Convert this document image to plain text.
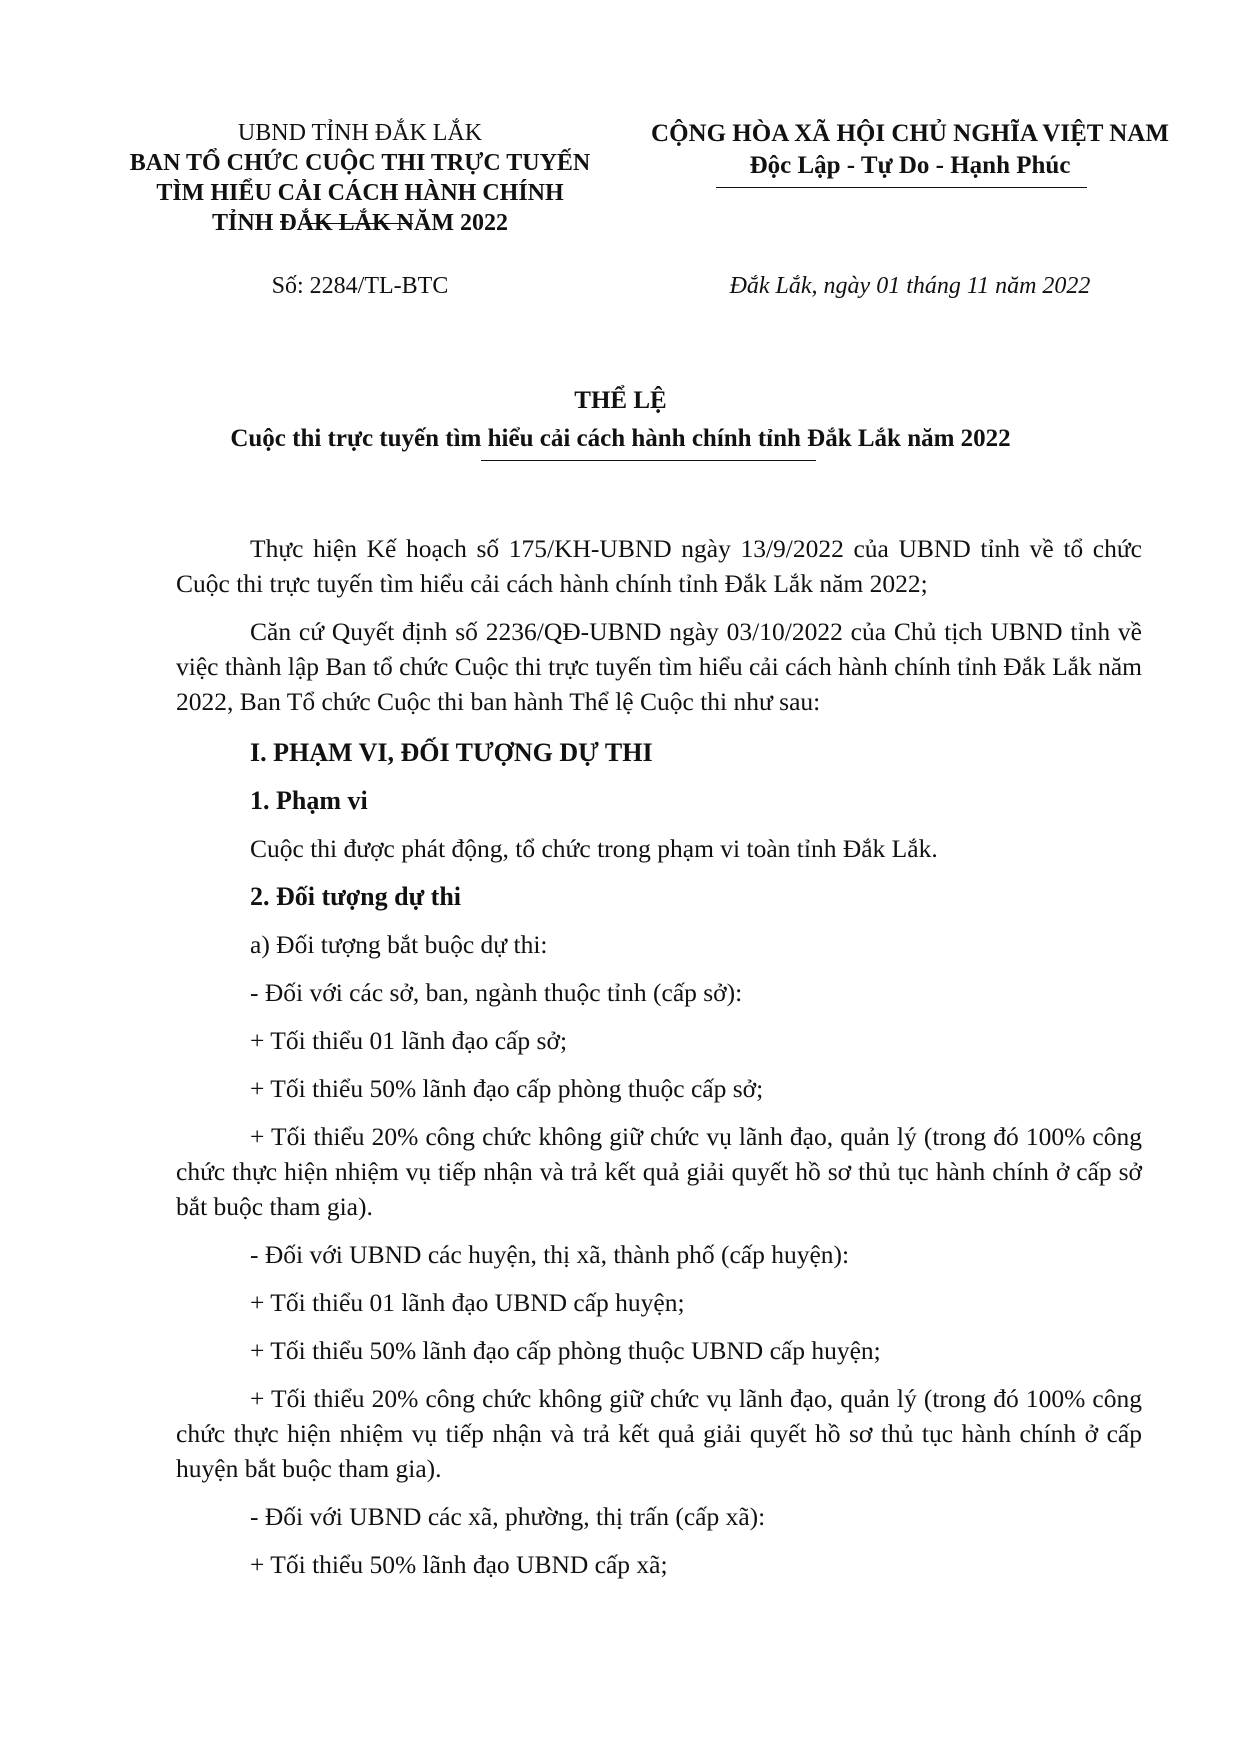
UBND TỈNH ĐẮK LẮK
BAN TỔ CHỨC CUỘC THI TRỰC TUYẾN
TÌM HIỂU CẢI CÁCH HÀNH CHÍNH
TỈNH ĐẮK LẮK NĂM 2022
CỘNG HÒA XÃ HỘI CHỦ NGHĨA VIỆT NAM
Độc Lập - Tự Do - Hạnh Phúc
Số: 2284/TL-BTC	Đắk Lắk, ngày 01 tháng 11 năm 2022
THỂ LỆ
Cuộc thi trực tuyến tìm hiểu cải cách hành chính tỉnh Đắk Lắk năm 2022

Thực hiện Kế hoạch số 175/KH-UBND ngày 13/9/2022 của UBND tỉnh về tổ chức Cuộc thi trực tuyến tìm hiểu cải cách hành chính tỉnh Đắk Lắk năm 2022;

Căn cứ Quyết định số 2236/QĐ-UBND ngày 03/10/2022 của Chủ tịch UBND tỉnh về việc thành lập Ban tổ chức Cuộc thi trực tuyến tìm hiểu cải cách hành chính tỉnh Đắk Lắk năm 2022, Ban Tổ chức Cuộc thi ban hành Thể lệ Cuộc thi như sau:

I. PHẠM VI, ĐỐI TƯỢNG DỰ THI

1. Phạm vi

Cuộc thi được phát động, tổ chức trong phạm vi toàn tỉnh Đắk Lắk.

2. Đối tượng dự thi

a) Đối tượng bắt buộc dự thi:

- Đối với các sở, ban, ngành thuộc tỉnh (cấp sở):

+ Tối thiểu 01 lãnh đạo cấp sở;

+ Tối thiểu 50% lãnh đạo cấp phòng thuộc cấp sở;

+ Tối thiểu 20% công chức không giữ chức vụ lãnh đạo, quản lý (trong đó 100% công chức thực hiện nhiệm vụ tiếp nhận và trả kết quả giải quyết hồ sơ thủ tục hành chính ở cấp sở bắt buộc tham gia).

- Đối với UBND các huyện, thị xã, thành phố (cấp huyện):

+ Tối thiểu 01 lãnh đạo UBND cấp huyện;

+ Tối thiểu 50% lãnh đạo cấp phòng thuộc UBND cấp huyện;

+ Tối thiểu 20% công chức không giữ chức vụ lãnh đạo, quản lý (trong đó 100% công chức thực hiện nhiệm vụ tiếp nhận và trả kết quả giải quyết hồ sơ thủ tục hành chính ở cấp huyện bắt buộc tham gia).

- Đối với UBND các xã, phường, thị trấn (cấp xã):

+ Tối thiểu 50% lãnh đạo UBND cấp xã;
